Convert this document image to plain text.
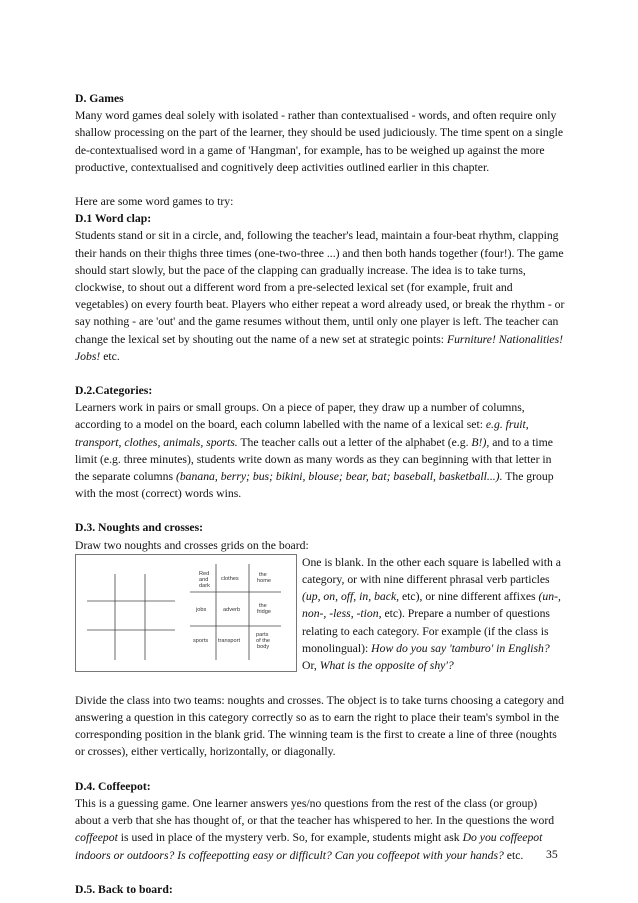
D. Games

Many word games deal solely with isolated - rather than contextualised - words, and often require only shallow processing on the part of the learner, they should be used judiciously. The time spent on a single de-contextualised word in a game of 'Hangman', for example, has to be weighed up against the more productive, contextualised and cognitively deep activities outlined earlier in this chapter.

Here are some word games to try:

D.1 Word clap:

Students stand or sit in a circle, and, following the teacher's lead, maintain a four-beat rhythm, clapping their hands on their thighs three times (one-two-three ...) and then both hands together (four!). The game should start slowly, but the pace of the clapping can gradually increase. The idea is to take turns, clockwise, to shout out a different word from a pre-selected lexical set (for example, fruit and vegetables) on every fourth beat. Players who either repeat a word already used, or break the rhythm - or say nothing - are 'out' and the game resumes without them, until only one player is left. The teacher can change the lexical set by shouting out the name of a new set at strategic points: Furniture! Nationalities! Jobs! etc.

D.2.Categories:

Learners work in pairs or small groups. On a piece of paper, they draw up a number of columns, according to a model on the board, each column labelled with the name of a lexical set: e.g. fruit, transport, clothes, animals, sports. The teacher calls out a letter of the alphabet (e.g. B!), and to a time limit (e.g. three minutes), students write down as many words as they can beginning with that letter in the separate columns (banana, berry; bus; bikini, blouse; bear, bat; baseball, basketball...). The group with the most (correct) words wins.

D.3. Noughts and crosses:

Draw two noughts and crosses grids on the board:

Red
and
dark
clothes
the
home
jobs	adverb
the
fridge
sports transport
parts
of the
body

One is blank. In the other each square is labelled with a category, or with nine different phrasal verb particles (up, on, off, in, back, etc), or nine different affixes (un-, non-, -less, -tion, etc). Prepare a number of questions relating to each category. For example (if the class is monolingual): How do you say 'tamburo' in English? Or, What is the opposite of shy'?

Divide the class into two teams: noughts and crosses. The object is to take turns choosing a category and answering a question in this category correctly so as to earn the right to place their team's symbol in the corresponding position in the blank grid. The winning team is the first to create a line of three (noughts or crosses), either vertically, horizontally, or diagonally.

D.4. Coffeepot:

This is a guessing game. One learner answers yes/no questions from the rest of the class (or group) about a verb that she has thought of, or that the teacher has whispered to her. In the questions the word coffeepot is used in place of the mystery verb. So, for example, students might ask Do you coffeepot indoors or outdoors? Is coffeepotting easy or difficult? Can you coffeepot with your hands? etc.

D.5. Back to board:
35
